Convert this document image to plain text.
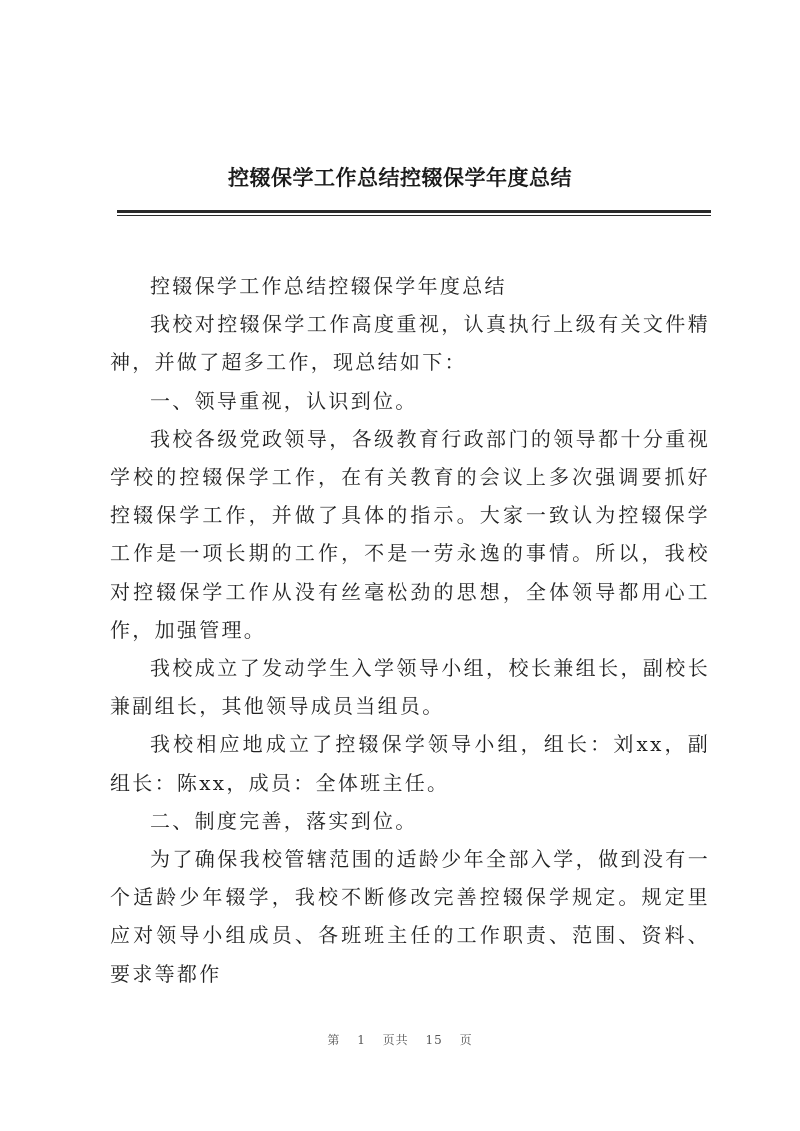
控辍保学工作总结控辍保学年度总结

控辍保学工作总结控辍保学年度总结

我校对控辍保学工作高度重视，认真执行上级有关文件精神，并做了超多工作，现总结如下：

一、领导重视，认识到位。

我校各级党政领导，各级教育行政部门的领导都十分重视学校的控辍保学工作，在有关教育的会议上多次强调要抓好控辍保学工作，并做了具体的指示。大家一致认为控辍保学工作是一项长期的工作，不是一劳永逸的事情。所以，我校对控辍保学工作从没有丝毫松劲的思想，全体领导都用心工作，加强管理。

我校成立了发动学生入学领导小组，校长兼组长，副校长兼副组长，其他领导成员当组员。

我校相应地成立了控辍保学领导小组，组长：刘xx，副组长：陈xx，成员：全体班主任。

二、制度完善，落实到位。

为了确保我校管辖范围的适龄少年全部入学，做到没有一个适龄少年辍学，我校不断修改完善控辍保学规定。规定里应对领导小组成员、各班班主任的工作职责、范围、资料、要求等都作

第 1 页共 15 页
